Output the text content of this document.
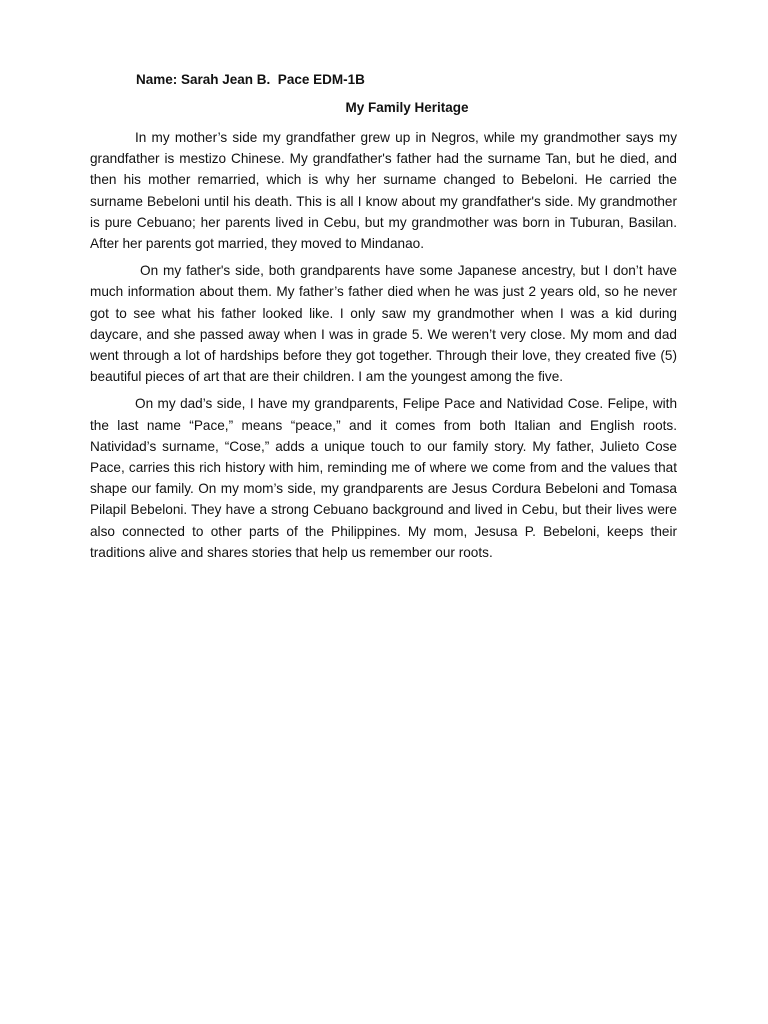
Name: Sarah Jean B.  Pace EDM-1B
My Family Heritage

In my mother’s side my grandfather grew up in Negros, while my grandmother says my grandfather is mestizo Chinese. My grandfather's father had the surname Tan, but he died, and then his mother remarried, which is why her surname changed to Bebeloni. He carried the surname Bebeloni until his death. This is all I know about my grandfather's side. My grandmother is pure Cebuano; her parents lived in Cebu, but my grandmother was born in Tuburan, Basilan. After her parents got married, they moved to Mindanao.

On my father's side, both grandparents have some Japanese ancestry, but I don’t have much information about them. My father’s father died when he was just 2 years old, so he never got to see what his father looked like. I only saw my grandmother when I was a kid during daycare, and she passed away when I was in grade 5. We weren’t very close. My mom and dad went through a lot of hardships before they got together. Through their love, they created five (5) beautiful pieces of art that are their children. I am the youngest among the five.

On my dad’s side, I have my grandparents, Felipe Pace and Natividad Cose. Felipe, with the last name “Pace,” means “peace,” and it comes from both Italian and English roots. Natividad’s surname, “Cose,” adds a unique touch to our family story. My father, Julieto Cose Pace, carries this rich history with him, reminding me of where we come from and the values that shape our family. On my mom’s side, my grandparents are Jesus Cordura Bebeloni and Tomasa Pilapil Bebeloni. They have a strong Cebuano background and lived in Cebu, but their lives were also connected to other parts of the Philippines. My mom, Jesusa P. Bebeloni, keeps their traditions alive and shares stories that help us remember our roots.
